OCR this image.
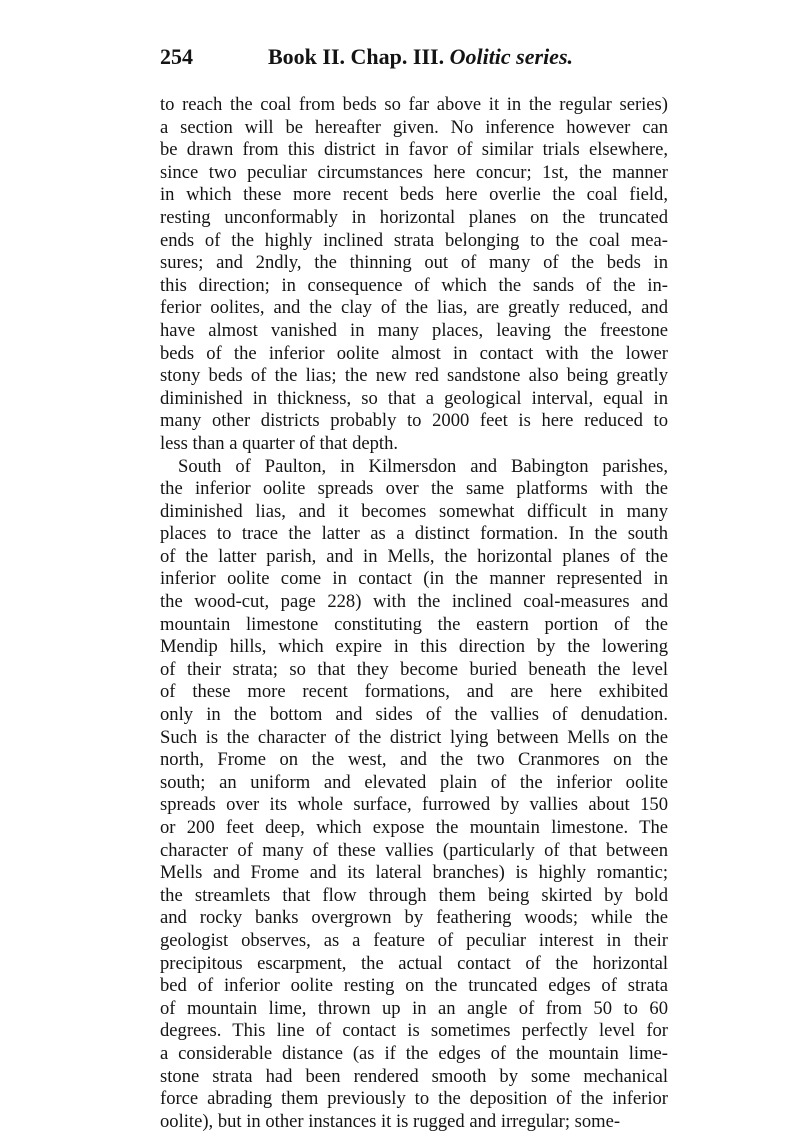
254	Book II. Chap. III. Oolitic series.
to reach the coal from beds so far above it in the regular series)
a section will be hereafter given. No inference however can
be drawn from this district in favor of similar trials elsewhere,
since two peculiar circumstances here concur; 1st, the manner
in which these more recent beds here overlie the coal field,
resting unconformably in horizontal planes on the truncated
ends of the highly inclined strata belonging to the coal mea-
sures; and 2ndly, the thinning out of many of the beds in
this direction; in consequence of which the sands of the in-
ferior oolites, and the clay of the lias, are greatly reduced, and
have almost vanished in many places, leaving the freestone
beds of the inferior oolite almost in contact with the lower
stony beds of the lias; the new red sandstone also being greatly
diminished in thickness, so that a geological interval, equal in
many other districts probably to 2000 feet is here reduced to
less than a quarter of that depth.
South of Paulton, in Kilmersdon and Babington parishes,
the inferior oolite spreads over the same platforms with the
diminished lias, and it becomes somewhat difficult in many
places to trace the latter as a distinct formation. In the south
of the latter parish, and in Mells, the horizontal planes of the
inferior oolite come in contact (in the manner represented in
the wood-cut, page 228) with the inclined coal-measures and
mountain limestone constituting the eastern portion of the
Mendip hills, which expire in this direction by the lowering
of their strata; so that they become buried beneath the level
of these more recent formations, and are here exhibited
only in the bottom and sides of the vallies of denudation.
Such is the character of the district lying between Mells on the
north, Frome on the west, and the two Cranmores on the
south; an uniform and elevated plain of the inferior oolite
spreads over its whole surface, furrowed by vallies about 150
or 200 feet deep, which expose the mountain limestone. The
character of many of these vallies (particularly of that between
Mells and Frome and its lateral branches) is highly romantic;
the streamlets that flow through them being skirted by bold
and rocky banks overgrown by feathering woods; while the
geologist observes, as a feature of peculiar interest in their
precipitous escarpment, the actual contact of the horizontal
bed of inferior oolite resting on the truncated edges of strata
of mountain lime, thrown up in an angle of from 50 to 60
degrees. This line of contact is sometimes perfectly level for
a considerable distance (as if the edges of the mountain lime-
stone strata had been rendered smooth by some mechanical
force abrading them previously to the deposition of the inferior
oolite), but in other instances it is rugged and irregular; some-
